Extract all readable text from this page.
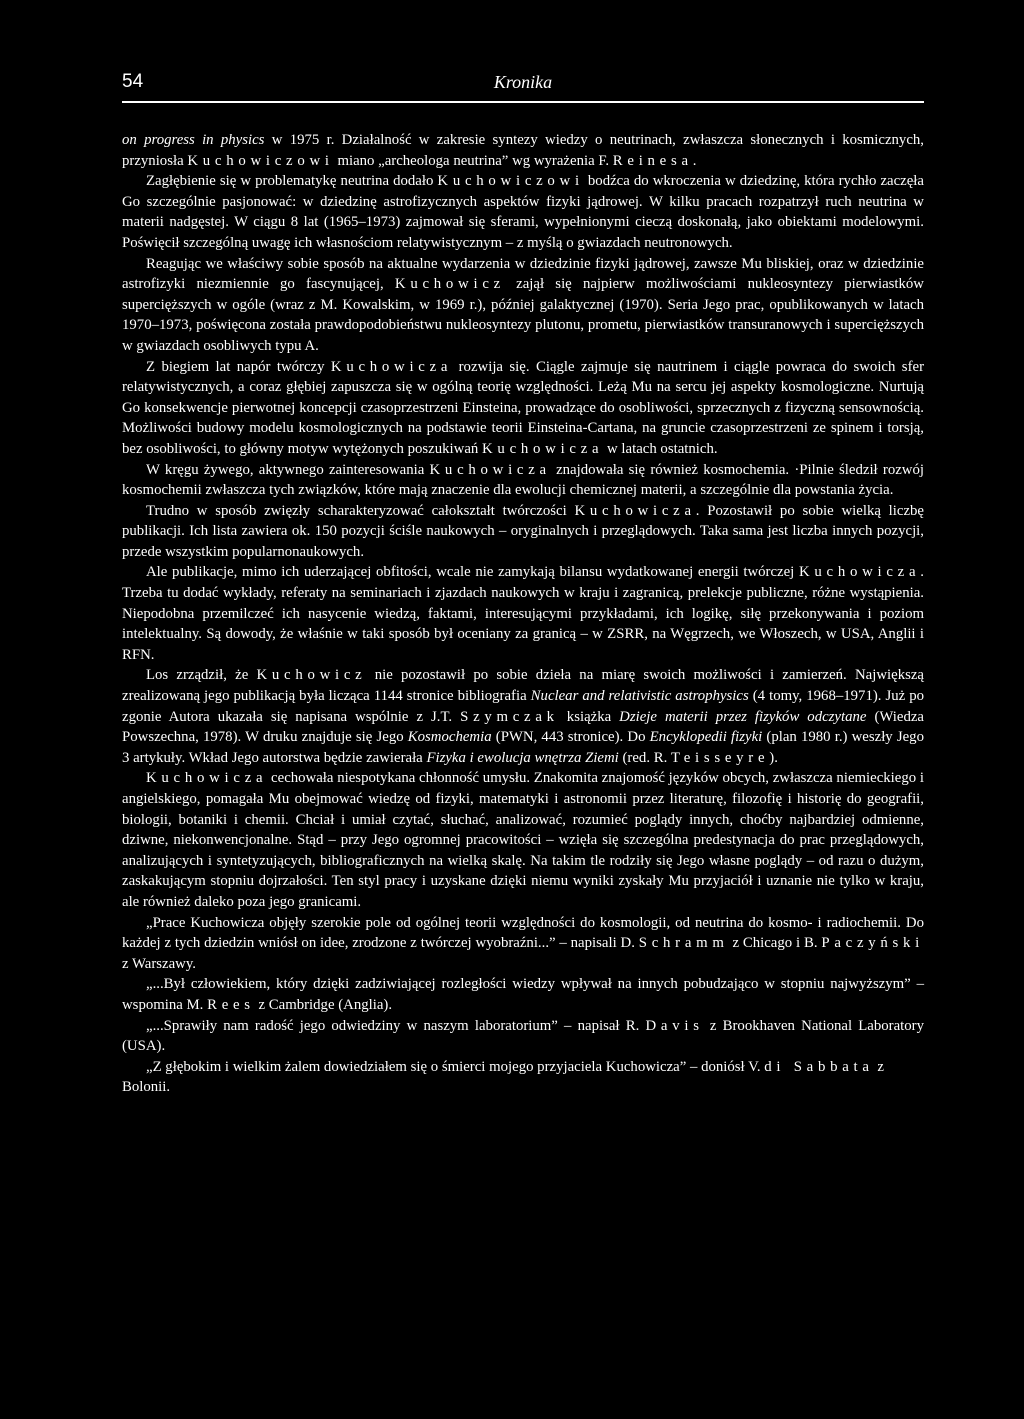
54	Kronika

on progress in physics w 1975 r. Działalność w zakresie syntezy wiedzy o neutrinach, zwłaszcza słonecznych i kosmicznych, przyniosła Kuchowiczowi miano „archeologa neutrina” wg wyrażenia F. Reinesa.

Zagłębienie się w problematykę neutrina dodało Kuchowiczowi bodźca do wkroczenia w dziedzinę, która rychło zaczęła Go szczególnie pasjonować: w dziedzinę astrofizycznych aspektów fizyki jądrowej. W kilku pracach rozpatrzył ruch neutrina w materii nadgęstej. W ciągu 8 lat (1965–1973) zajmował się sferami, wypełnionymi cieczą doskonałą, jako obiektami modelowymi. Poświęcił szczególną uwagę ich własnościom relatywistycznym – z myślą o gwiazdach neutronowych.

Reagując we właściwy sobie sposób na aktualne wydarzenia w dziedzinie fizyki jądrowej, zawsze Mu bliskiej, oraz w dziedzinie astrofizyki niezmiennie go fascynującej, Kuchowicz zajął się najpierw możliwościami nukleosyntezy pierwiastków supercięższych w ogóle (wraz z M. Kowalskim, w 1969 r.), później galaktycznej (1970). Seria Jego prac, opublikowanych w latach 1970–1973, poświęcona została prawdopodobieństwu nukleosyntezy plutonu, prometu, pierwiastków transuranowych i supercięższych w gwiazdach osobliwych typu A.

Z biegiem lat napór twórczy Kuchowicza rozwija się. Ciągle zajmuje się nautrinem i ciągle powraca do swoich sfer relatywistycznych, a coraz głębiej zapuszcza się w ogólną teorię względności. Leżą Mu na sercu jej aspekty kosmologiczne. Nurtują Go konsekwencje pierwotnej koncepcji czasoprzestrzeni Einsteina, prowadzące do osobliwości, sprzecznych z fizyczną sensownością. Możliwości budowy modelu kosmologicznych na podstawie teorii Einsteina-Cartana, na gruncie czasoprzestrzeni ze spinem i torsją, bez osobliwości, to główny motyw wytężonych poszukiwań Kuchowicza w latach ostatnich.

W kręgu żywego, aktywnego zainteresowania Kuchowicza znajdowała się również kosmochemia. ·Pilnie śledził rozwój kosmochemii zwłaszcza tych związków, które mają znaczenie dla ewolucji chemicznej materii, a szczególnie dla powstania życia.

Trudno w sposób zwięzły scharakteryzować całokształt twórczości Kuchowicza. Pozostawił po sobie wielką liczbę publikacji. Ich lista zawiera ok. 150 pozycji ściśle naukowych – oryginalnych i przeglądowych. Taka sama jest liczba innych pozycji, przede wszystkim popularnonaukowych.

Ale publikacje, mimo ich uderzającej obfitości, wcale nie zamykają bilansu wydatkowanej energii twórczej Kuchowicza. Trzeba tu dodać wykłady, referaty na seminariach i zjazdach naukowych w kraju i zagranicą, prelekcje publiczne, różne wystąpienia. Niepodobna przemilczeć ich nasycenie wiedzą, faktami, interesującymi przykładami, ich logikę, siłę przekonywania i poziom intelektualny. Są dowody, że właśnie w taki sposób był oceniany za granicą – w ZSRR, na Węgrzech, we Włoszech, w USA, Anglii i RFN.

Los zrządził, że Kuchowicz nie pozostawił po sobie dzieła na miarę swoich możliwości i zamierzeń. Największą zrealizowaną jego publikacją była licząca 1144 stronice bibliografia Nuclear and relativistic astrophysics (4 tomy, 1968–1971). Już po zgonie Autora ukazała się napisana wspólnie z J.T. Szymczak książka Dzieje materii przez fizyków odczytane (Wiedza Powszechna, 1978). W druku znajduje się Jego Kosmochemia (PWN, 443 stronice). Do Encyklopedii fizyki (plan 1980 r.) weszły Jego 3 artykuły. Wkład Jego autorstwa będzie zawierała Fizyka i ewolucja wnętrza Ziemi (red. R. Teisseyre).

Kuchowicza cechowała niespotykana chłonność umysłu. Znakomita znajomość języków obcych, zwłaszcza niemieckiego i angielskiego, pomagała Mu obejmować wiedzę od fizyki, matematyki i astronomii przez literaturę, filozofię i historię do geografii, biologii, botaniki i chemii. Chciał i umiał czytać, słuchać, analizować, rozumieć poglądy innych, choćby najbardziej odmienne, dziwne, niekonwencjonalne. Stąd – przy Jego ogromnej pracowitości – wzięła się szczególna predestynacja do prac przeglądowych, analizujących i syntetyzujących, bibliograficznych na wielką skalę. Na takim tle rodziły się Jego własne poglądy – od razu o dużym, zaskakującym stopniu dojrzałości. Ten styl pracy i uzyskane dzięki niemu wyniki zyskały Mu przyjaciół i uznanie nie tylko w kraju, ale również daleko poza jego granicami.

„Prace Kuchowicza objęły szerokie pole od ogólnej teorii względności do kosmologii, od neutrina do kosmo- i radiochemii. Do każdej z tych dziedzin wniósł on idee, zrodzone z twórczej wyobraźni...” – napisali D. Schramm z Chicago i B. Paczyński z Warszawy.

„...Był człowiekiem, który dzięki zadziwiającej rozległości wiedzy wpływał na innych pobudzająco w stopniu najwyższym” – wspomina M. Rees z Cambridge (Anglia).

„...Sprawiły nam radość jego odwiedziny w naszym laboratorium” – napisał R. Davis z Brookhaven National Laboratory (USA).

„Z głębokim i wielkim żalem dowiedziałem się o śmierci mojego przyjaciela Kuchowicza” – doniósł V. di Sabbata z Bolonii.
